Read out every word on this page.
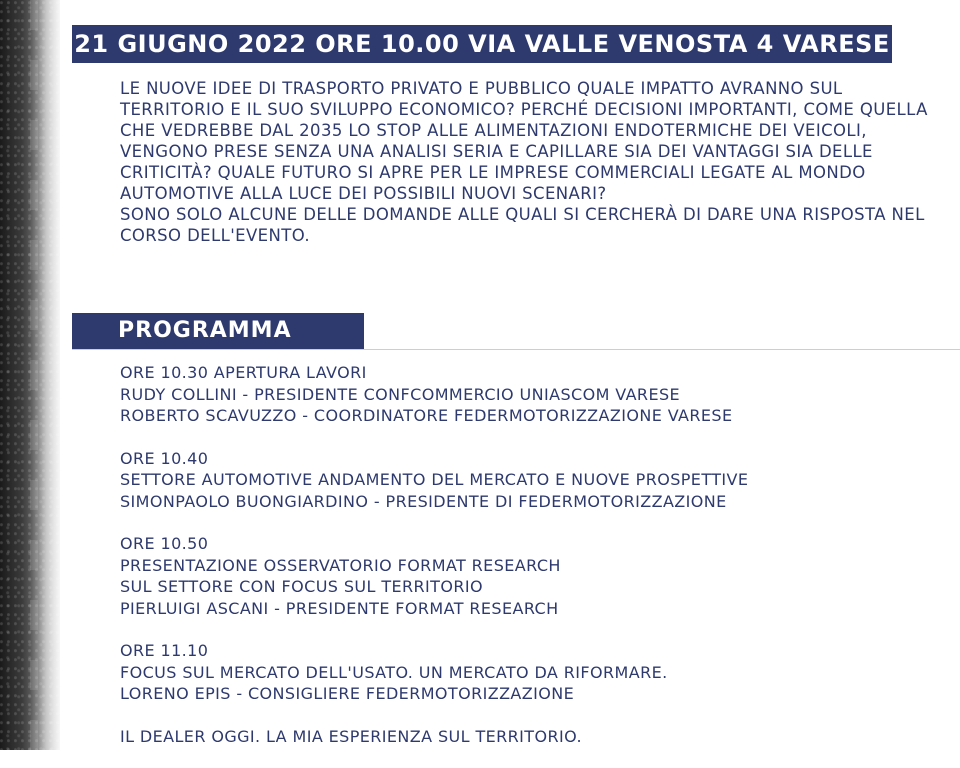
21 GIUGNO 2022 ORE 10.00 VIA VALLE VENOSTA 4 VARESE

LE NUOVE IDEE DI TRASPORTO PRIVATO E PUBBLICO QUALE IMPATTO AVRANNO SUL TERRITORIO E IL SUO SVILUPPO ECONOMICO? PERCHÉ DECISIONI IMPORTANTI, COME QUELLA CHE VEDREBBE DAL 2035 LO STOP ALLE ALIMENTAZIONI ENDOTERMICHE DEI VEICOLI, VENGONO PRESE SENZA UNA ANALISI SERIA E CAPILLARE SIA DEI VANTAGGI SIA DELLE CRITICITÀ? QUALE FUTURO SI APRE PER LE IMPRESE COMMERCIALI LEGATE AL MONDO AUTOMOTIVE ALLA LUCE DEI POSSIBILI NUOVI SCENARI?

SONO SOLO ALCUNE DELLE DOMANDE ALLE QUALI SI CERCHERÀ DI DARE UNA RISPOSTA NEL CORSO DELL'EVENTO.

PROGRAMMA
ORE 10.30 APERTURA LAVORI
RUDY COLLINI - PRESIDENTE CONFCOMMERCIO UNIASCOM VARESE
ROBERTO SCAVUZZO - COORDINATORE FEDERMOTORIZZAZIONE VARESE
ORE 10.40
SETTORE AUTOMOTIVE ANDAMENTO DEL MERCATO E NUOVE PROSPETTIVE
SIMONPAOLO BUONGIARDINO - PRESIDENTE DI FEDERMOTORIZZAZIONE
ORE 10.50
PRESENTAZIONE OSSERVATORIO FORMAT RESEARCH
SUL SETTORE CON FOCUS SUL TERRITORIO
PIERLUIGI ASCANI - PRESIDENTE FORMAT RESEARCH
ORE 11.10
FOCUS SUL MERCATO DELL'USATO. UN MERCATO DA RIFORMARE.
LORENO EPIS - CONSIGLIERE FEDERMOTORIZZAZIONE
IL DEALER OGGI. LA MIA ESPERIENZA SUL TERRITORIO.
